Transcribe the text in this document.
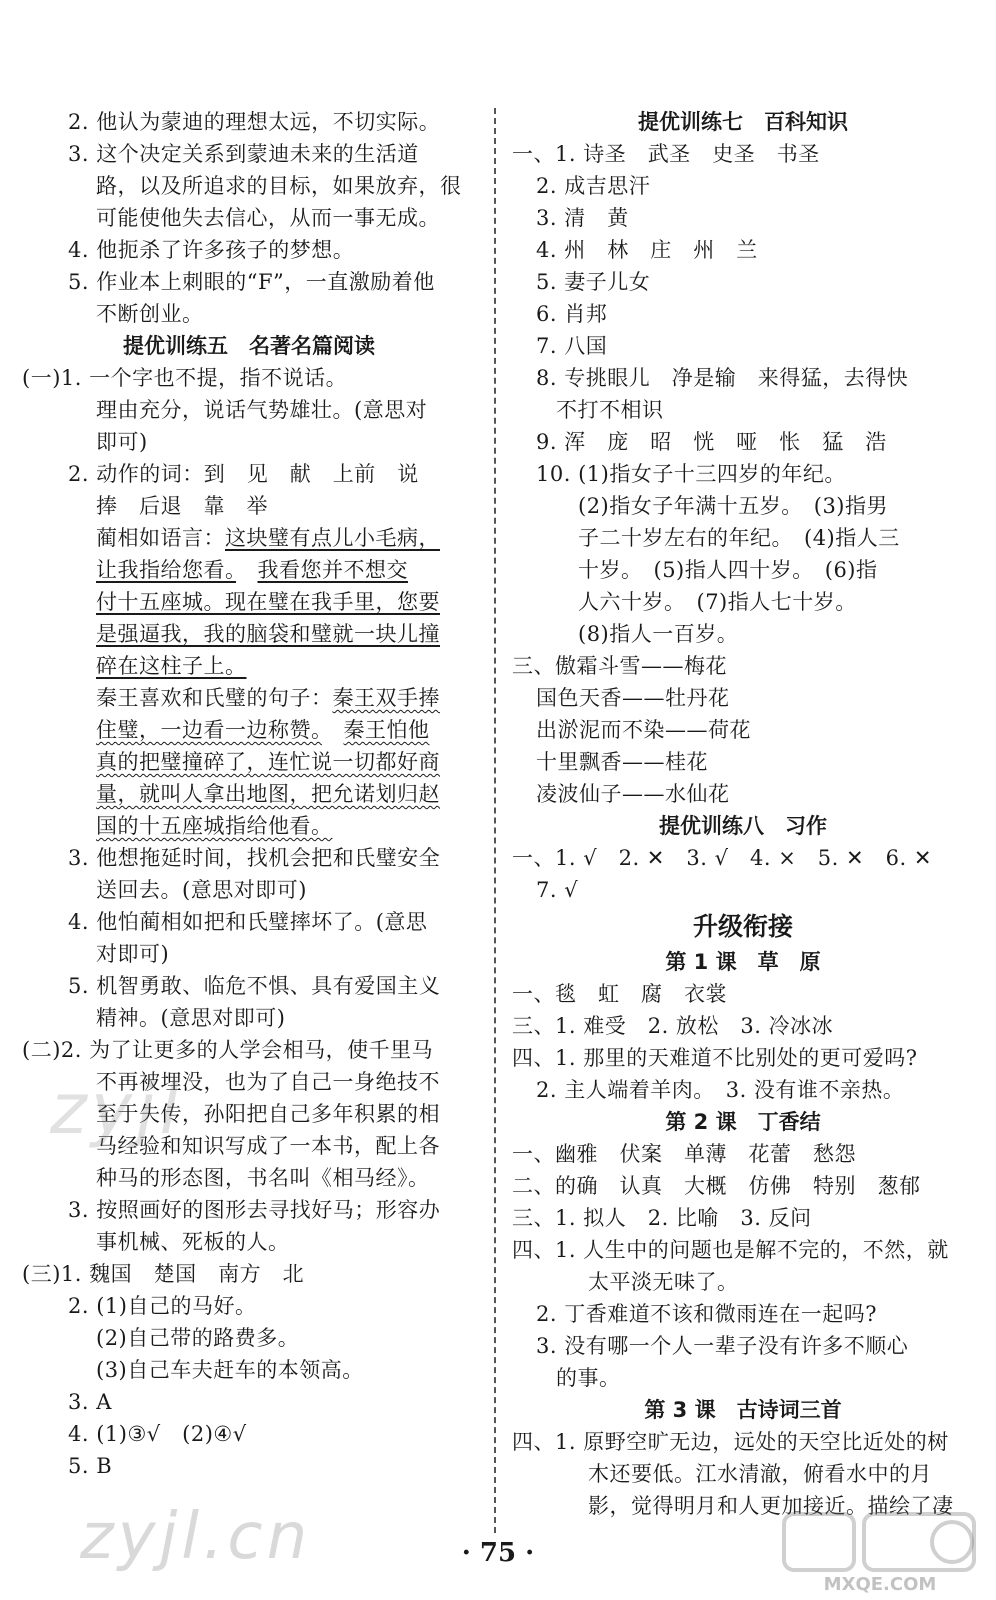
2. 他认为蒙迪的理想太远，不切实际。
3. 这个决定关系到蒙迪未来的生活道
路，以及所追求的目标，如果放弃，很
可能使他失去信心，从而一事无成。
4. 他扼杀了许多孩子的梦想。
5. 作业本上刺眼的“F”，一直激励着他
不断创业。
提优训练五　名著名篇阅读
(一)1. 一个字也不提，指不说话。
理由充分，说话气势雄壮。(意思对
即可)
2. 动作的词：到　见　献　上前　说
捧　后退　靠　举
蔺相如语言：这块璧有点儿小毛病，
让我指给您看。　 我看您并不想交
付十五座城。现在璧在我手里，您要
是强逼我，我的脑袋和璧就一块儿撞
碎在这柱子上。
秦王喜欢和氏璧的句子：秦王双手捧
住璧，一边看一边称赞。　 秦王怕他
真的把璧撞碎了，连忙说一切都好商
量，就叫人拿出地图，把允诺划归赵
国的十五座城指给他看。
3. 他想拖延时间，找机会把和氏璧安全
送回去。(意思对即可)
4. 他怕蔺相如把和氏璧摔坏了。(意思
对即可)
5. 机智勇敢、临危不惧、具有爱国主义
精神。(意思对即可)
(二)2. 为了让更多的人学会相马，使千里马
不再被埋没，也为了自己一身绝技不
至于失传，孙阳把自己多年积累的相
马经验和知识写成了一本书，配上各
种马的形态图，书名叫《相马经》。
3. 按照画好的图形去寻找好马；形容办
事机械、死板的人。
(三)1. 魏国　楚国　南方　北
2. (1)自己的马好。
(2)自己带的路费多。
(3)自己车夫赶车的本领高。
3. A
4. (1)③√　(2)④√
5. B
提优训练七　百科知识
一、1. 诗圣　武圣　史圣　书圣
2. 成吉思汗
3. 清　黄
4. 州　林　庄　州　兰
5. 妻子儿女
6. 肖邦
7. 八国
8. 专挑眼儿　净是输　来得猛，去得快
不打不相识
9. 浑　庞　昭　恍　哑　怅　猛　浩
10. (1)指女子十三四岁的年纪。
(2)指女子年满十五岁。　(3)指男
子二十岁左右的年纪。　(4)指人三
十岁。　(5)指人四十岁。　(6)指
人六十岁。　(7)指人七十岁。
(8)指人一百岁。
三、傲霜斗雪——梅花
国色天香——牡丹花
出淤泥而不染——荷花
十里飘香——桂花
凌波仙子——水仙花
提优训练八　习作
一、1. √　2. ✕　3. √　4. ×　5. ✕　6. ✕
7. √
升级衔接
第 1 课　草　原
一、毯　虹　腐　衣裳
三、1. 难受　2. 放松　3. 冷冰冰
四、1. 那里的天难道不比别处的更可爱吗?
2. 主人端着羊肉。　3. 没有谁不亲热。
第 2 课　丁香结
一、幽雅　伏案　单薄　花蕾　愁怨
二、的确　认真　大概　仿佛　特别　葱郁
三、1. 拟人　2. 比喻　3. 反问
四、1. 人生中的问题也是解不完的，不然，就
太平淡无味了。
2. 丁香难道不该和微雨连在一起吗?
3. 没有哪一个人一辈子没有许多不顺心
的事。
第 3 课　古诗词三首
四、1. 原野空旷无边，远处的天空比近处的树
木还要低。江水清澈，俯看水中的月
影，觉得明月和人更加接近。描绘了凄
zyjl
zyjl.cn	· 75 ·
MXQE.COM
